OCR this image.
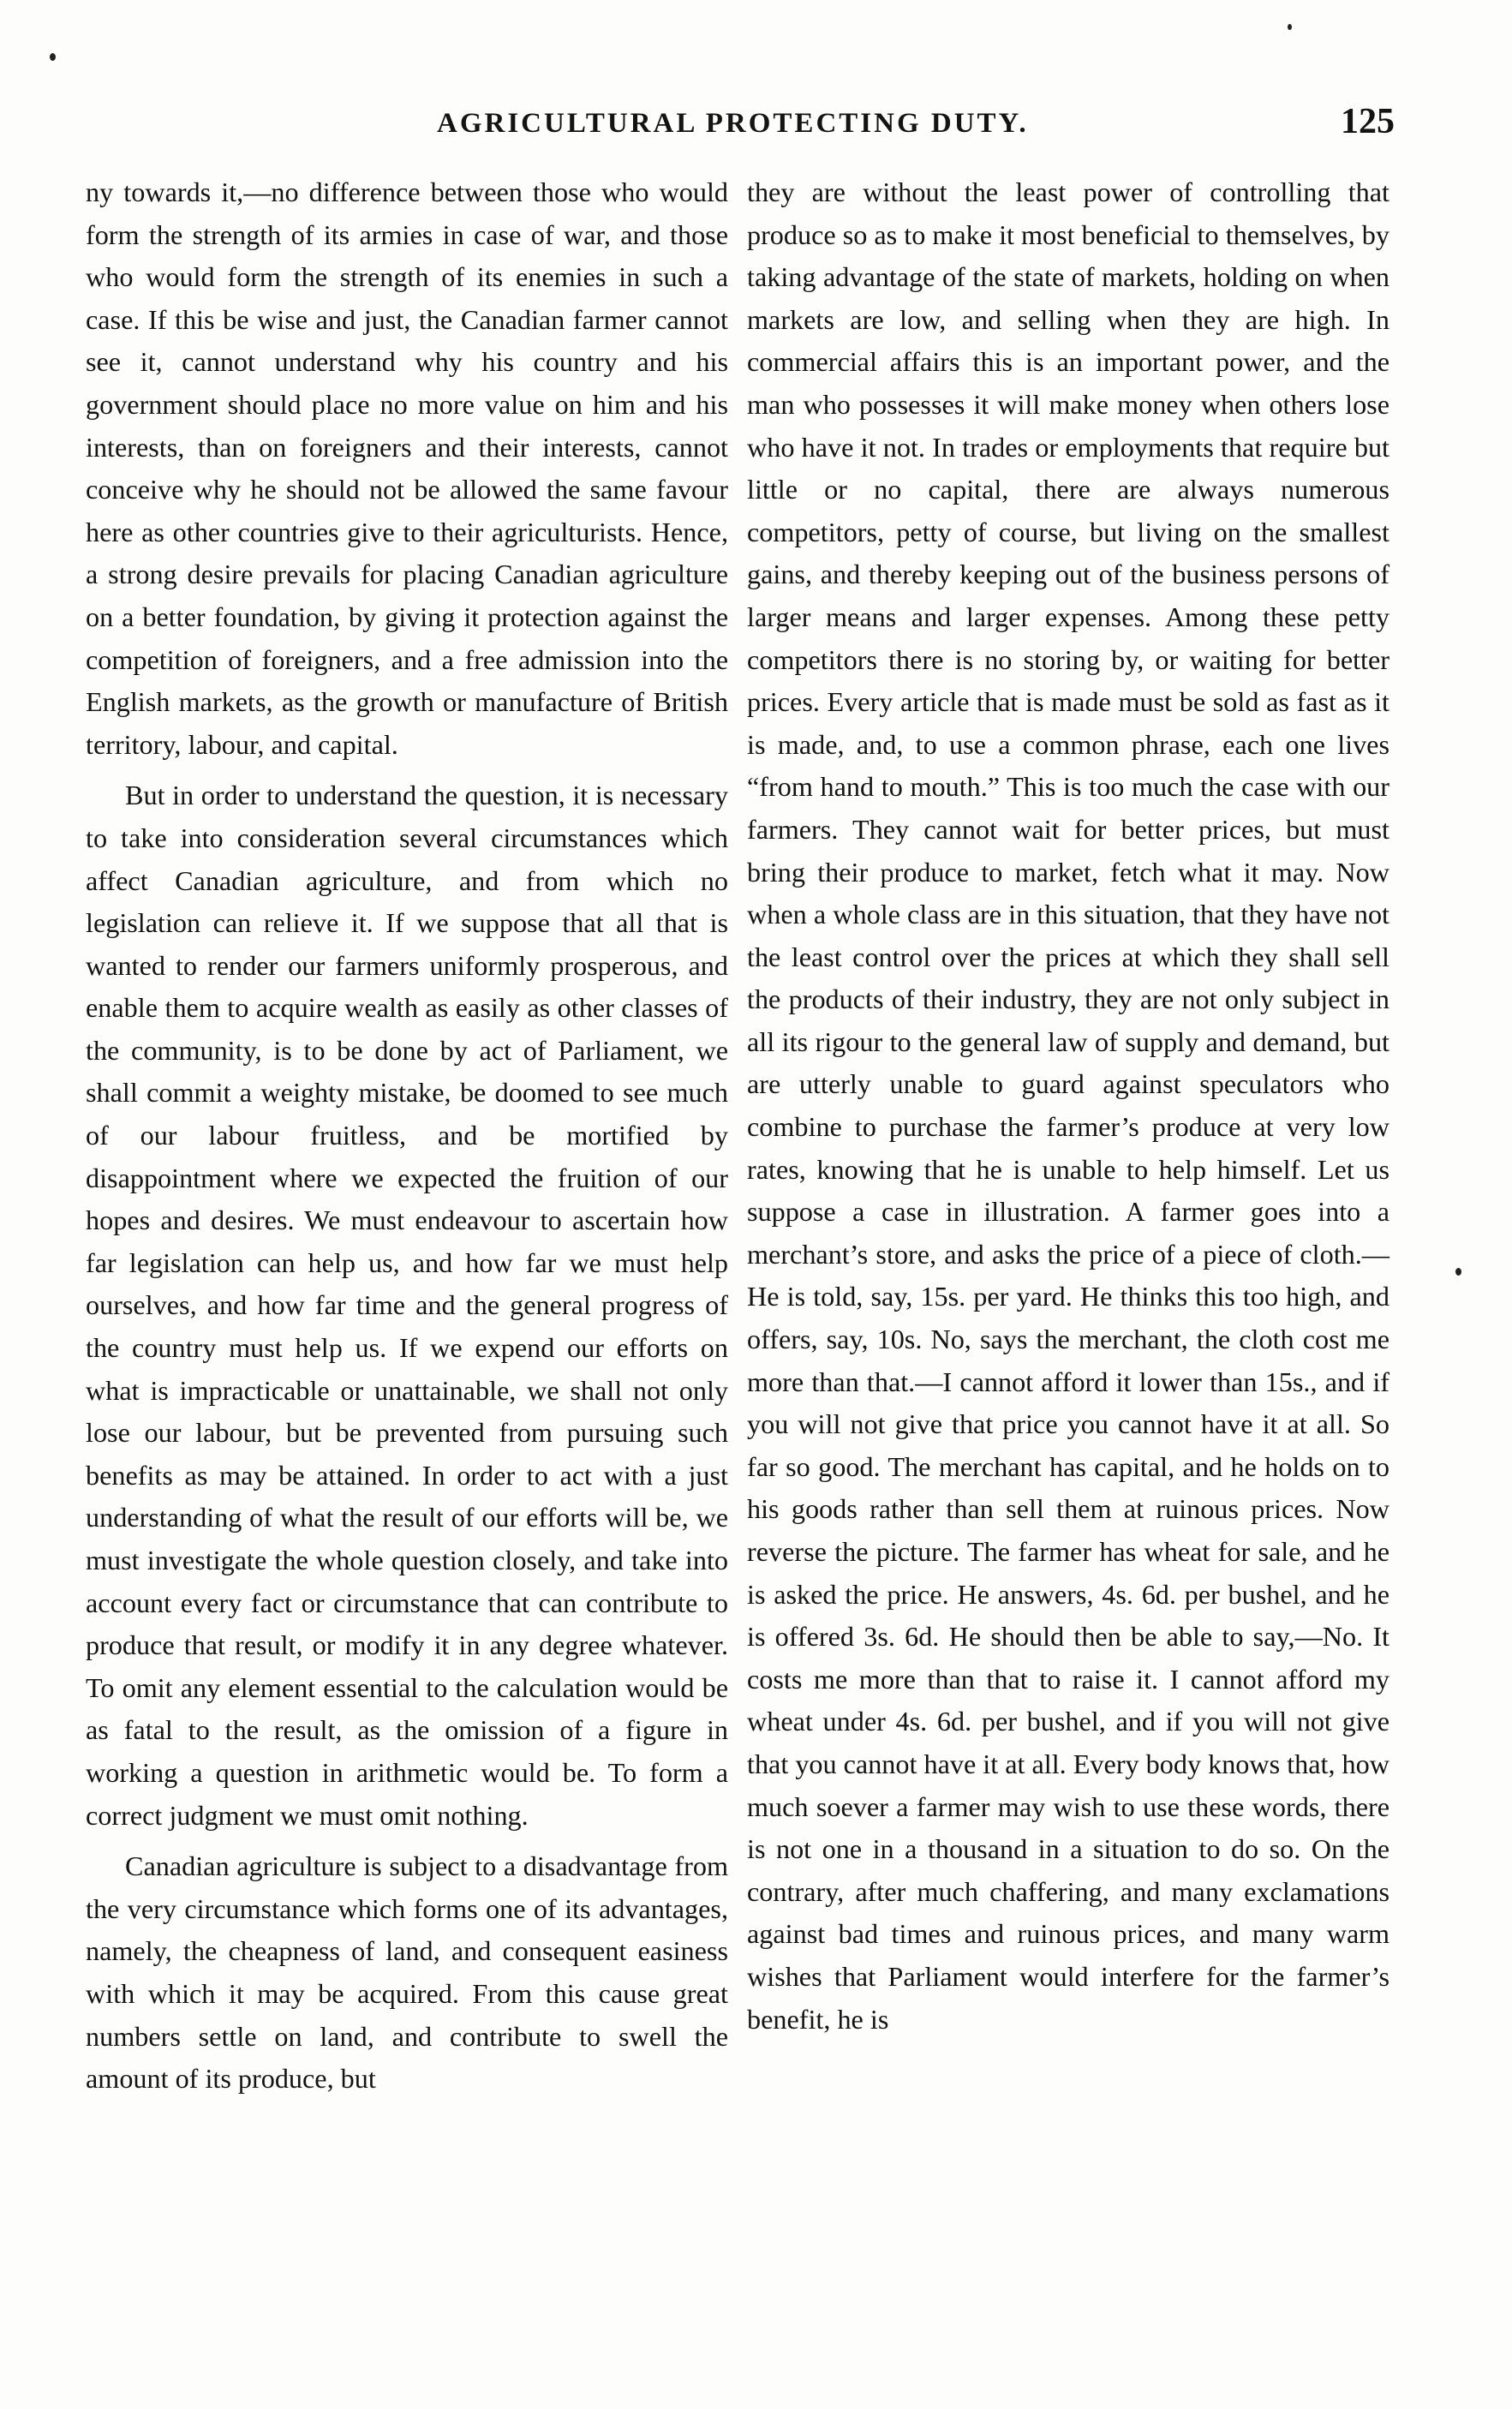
AGRICULTURAL PROTECTING DUTY.	125

ny towards it,—no difference between those who would form the strength of its armies in case of war, and those who would form the strength of its enemies in such a case. If this be wise and just, the Canadian farmer cannot see it, cannot understand why his country and his government should place no more value on him and his interests, than on foreigners and their interests, cannot conceive why he should not be allowed the same favour here as other countries give to their agriculturists. Hence, a strong desire prevails for placing Canadian agriculture on a better foundation, by giving it protection against the competition of foreigners, and a free admission into the English markets, as the growth or manufacture of British territory, labour, and capital.

But in order to understand the question, it is necessary to take into consideration several circumstances which affect Canadian agriculture, and from which no legislation can relieve it. If we suppose that all that is wanted to render our farmers uniformly prosperous, and enable them to acquire wealth as easily as other classes of the community, is to be done by act of Parliament, we shall commit a weighty mistake, be doomed to see much of our labour fruitless, and be mortified by disappointment where we expected the fruition of our hopes and desires. We must endeavour to ascertain how far legislation can help us, and how far we must help ourselves, and how far time and the general progress of the country must help us. If we expend our efforts on what is impracticable or unattainable, we shall not only lose our labour, but be prevented from pursuing such benefits as may be attained. In order to act with a just understanding of what the result of our efforts will be, we must investigate the whole question closely, and take into account every fact or circumstance that can contribute to produce that result, or modify it in any degree whatever. To omit any element essential to the calculation would be as fatal to the result, as the omission of a figure in working a question in arithmetic would be. To form a correct judgment we must omit nothing.

Canadian agriculture is subject to a disadvantage from the very circumstance which forms one of its advantages, namely, the cheapness of land, and consequent easiness with which it may be acquired. From this cause great numbers settle on land, and contribute to swell the amount of its produce, but

they are without the least power of controlling that produce so as to make it most beneficial to themselves, by taking advantage of the state of markets, holding on when markets are low, and selling when they are high. In commercial affairs this is an important power, and the man who possesses it will make money when others lose who have it not. In trades or employments that require but little or no capital, there are always numerous competitors, petty of course, but living on the smallest gains, and thereby keeping out of the business persons of larger means and larger expenses. Among these petty competitors there is no storing by, or waiting for better prices. Every article that is made must be sold as fast as it is made, and, to use a common phrase, each one lives “from hand to mouth.” This is too much the case with our farmers. They cannot wait for better prices, but must bring their produce to market, fetch what it may. Now when a whole class are in this situation, that they have not the least control over the prices at which they shall sell the products of their industry, they are not only subject in all its rigour to the general law of supply and demand, but are utterly unable to guard against speculators who combine to purchase the farmer’s produce at very low rates, knowing that he is unable to help himself. Let us suppose a case in illustration. A farmer goes into a merchant’s store, and asks the price of a piece of cloth.—He is told, say, 15s. per yard. He thinks this too high, and offers, say, 10s. No, says the merchant, the cloth cost me more than that.—I cannot afford it lower than 15s., and if you will not give that price you cannot have it at all. So far so good. The merchant has capital, and he holds on to his goods rather than sell them at ruinous prices. Now reverse the picture. The farmer has wheat for sale, and he is asked the price. He answers, 4s. 6d. per bushel, and he is offered 3s. 6d. He should then be able to say,—No. It costs me more than that to raise it. I cannot afford my wheat under 4s. 6d. per bushel, and if you will not give that you cannot have it at all. Every body knows that, how much soever a farmer may wish to use these words, there is not one in a thousand in a situation to do so. On the contrary, after much chaffering, and many exclamations against bad times and ruinous prices, and many warm wishes that Parliament would interfere for the farmer’s benefit, he is
